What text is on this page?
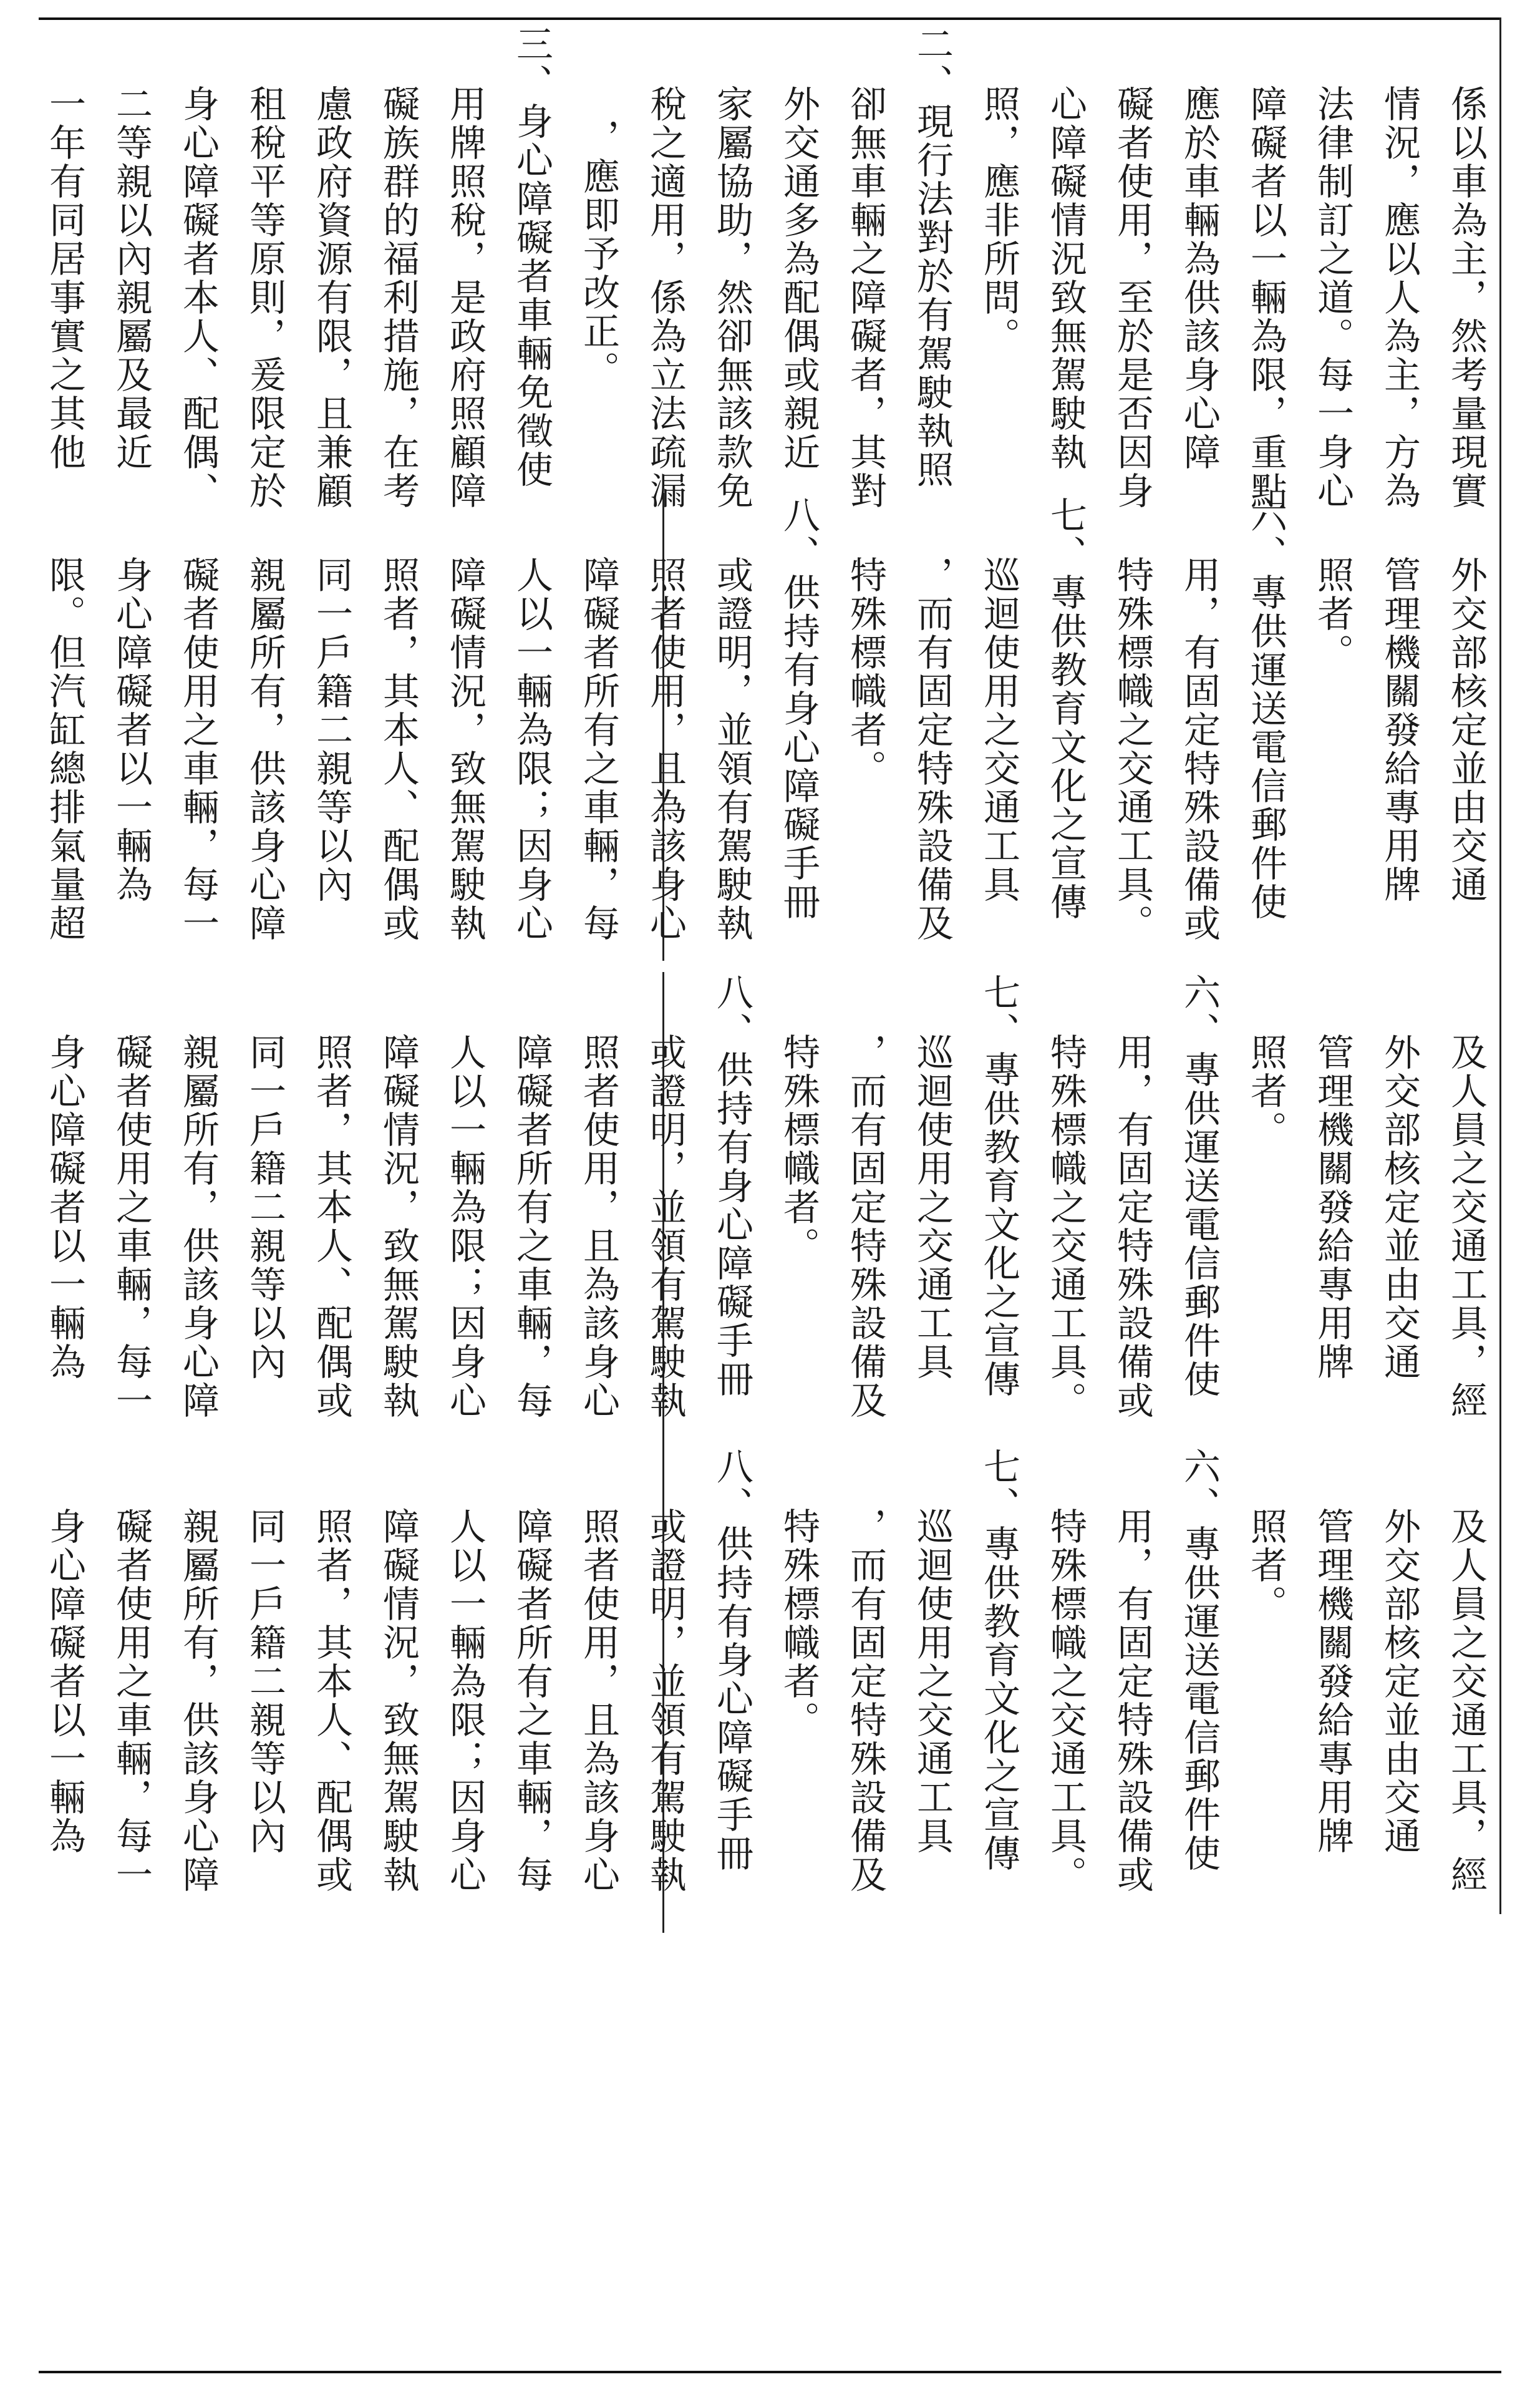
係以車為主，然考量現實
情況，應以人為主，方為
法律制訂之道。每一身心
障礙者以一輛為限，重點
應於車輛為供該身心障
礙者使用，至於是否因身
心障礙情況致無駕駛執
照，應非所問。
二、現行法對於有駕駛執照
卻無車輛之障礙者，其對
外交通多為配偶或親近
家屬協助，然卻無該款免
稅之適用，係為立法疏漏
，應即予改正。
三、身心障礙者車輛免徵使
用牌照稅，是政府照顧障
礙族群的福利措施，在考
慮政府資源有限，且兼顧
租稅平等原則，爰限定於
身心障礙者本人、配偶、
二等親以內親屬及最近
一年有同居事實之其他
外交部核定並由交通
管理機關發給專用牌
照者。
六、專供運送電信郵件使
用，有固定特殊設備或
特殊標幟之交通工具。
七、專供教育文化之宣傳
巡迴使用之交通工具
，而有固定特殊設備及
特殊標幟者。
八、供持有身心障礙手冊
或證明，並領有駕駛執
照者使用，且為該身心
障礙者所有之車輛，每
人以一輛為限；因身心
障礙情況，致無駕駛執
照者，其本人、配偶或
同一戶籍二親等以內
親屬所有，供該身心障
礙者使用之車輛，每一
身心障礙者以一輛為
限。但汽缸總排氣量超
及人員之交通工具，經
外交部核定並由交通
管理機關發給專用牌
照者。
六、專供運送電信郵件使
用，有固定特殊設備或
特殊標幟之交通工具。
七、專供教育文化之宣傳
巡迴使用之交通工具
，而有固定特殊設備及
特殊標幟者。
八、供持有身心障礙手冊
或證明，並領有駕駛執
照者使用，且為該身心
障礙者所有之車輛，每
人以一輛為限；因身心
障礙情況，致無駕駛執
照者，其本人、配偶或
同一戶籍二親等以內
親屬所有，供該身心障
礙者使用之車輛，每一
身心障礙者以一輛為
及人員之交通工具，經
外交部核定並由交通
管理機關發給專用牌
照者。
六、專供運送電信郵件使
用，有固定特殊設備或
特殊標幟之交通工具。
七、專供教育文化之宣傳
巡迴使用之交通工具
，而有固定特殊設備及
特殊標幟者。
八、供持有身心障礙手冊
或證明，並領有駕駛執
照者使用，且為該身心
障礙者所有之車輛，每
人以一輛為限；因身心
障礙情況，致無駕駛執
照者，其本人、配偶或
同一戶籍二親等以內
親屬所有，供該身心障
礙者使用之車輛，每一
身心障礙者以一輛為
